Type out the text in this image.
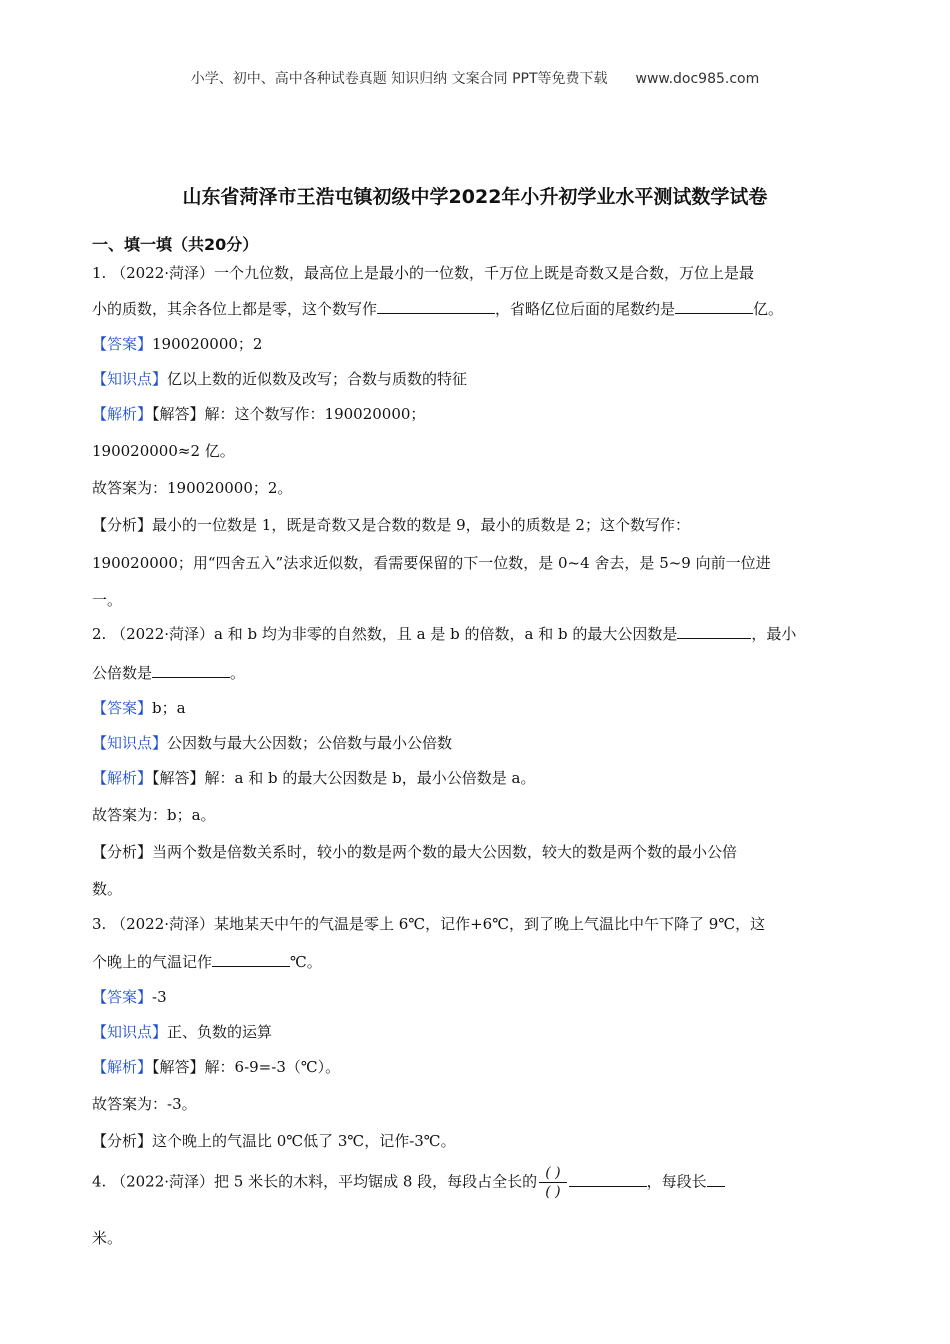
小学、初中、高中各种试卷真题 知识归纳 文案合同 PPT等免费下载 www.doc985.com
山东省菏泽市王浩屯镇初级中学2022年小升初学业水平测试数学试卷
一、填一填（共20分）
1. （2022·菏泽）一个九位数，最高位上是最小的一位数，千万位上既是奇数又是合数，万位上是最
小的质数，其余各位上都是零，这个数写作	，省略亿位后面的尾数约是	亿。
【答案】190020000；2
【知识点】亿以上数的近似数及改写；合数与质数的特征
【解析】【解答】解：这个数写作：190020000；
190020000≈2 亿。
故答案为：190020000；2。
【分析】最小的一位数是 1，既是奇数又是合数的数是 9，最小的质数是 2；这个数写作：
190020000；用“四舍五入”法求近似数，看需要保留的下一位数，是 0~4 舍去，是 5~9 向前一位进
一。
2. （2022·菏泽）a 和 b 均为非零的自然数，且 a 是 b 的倍数，a 和 b 的最大公因数是	，最小
公倍数是	。
【答案】b；a
【知识点】公因数与最大公因数；公倍数与最小公倍数
【解析】【解答】解：a 和 b 的最大公因数是 b，最小公倍数是 a。
故答案为：b；a。
【分析】当两个数是倍数关系时，较小的数是两个数的最大公因数，较大的数是两个数的最小公倍
数。
3. （2022·菏泽）某地某天中午的气温是零上 6℃，记作+6℃，到了晚上气温比中午下降了 9℃，这
个晚上的气温记作	℃。
【答案】-3
【知识点】正、负数的运算
【解析】【解答】解：6-9=-3（℃）。
故答案为：-3。
【分析】这个晚上的气温比 0℃低了 3℃，记作-3℃。
4. （2022·菏泽）把 5 米长的木料，平均锯成 8 段，每段占全长的 $\frac{( )}{( )}$	，每段长
米。
